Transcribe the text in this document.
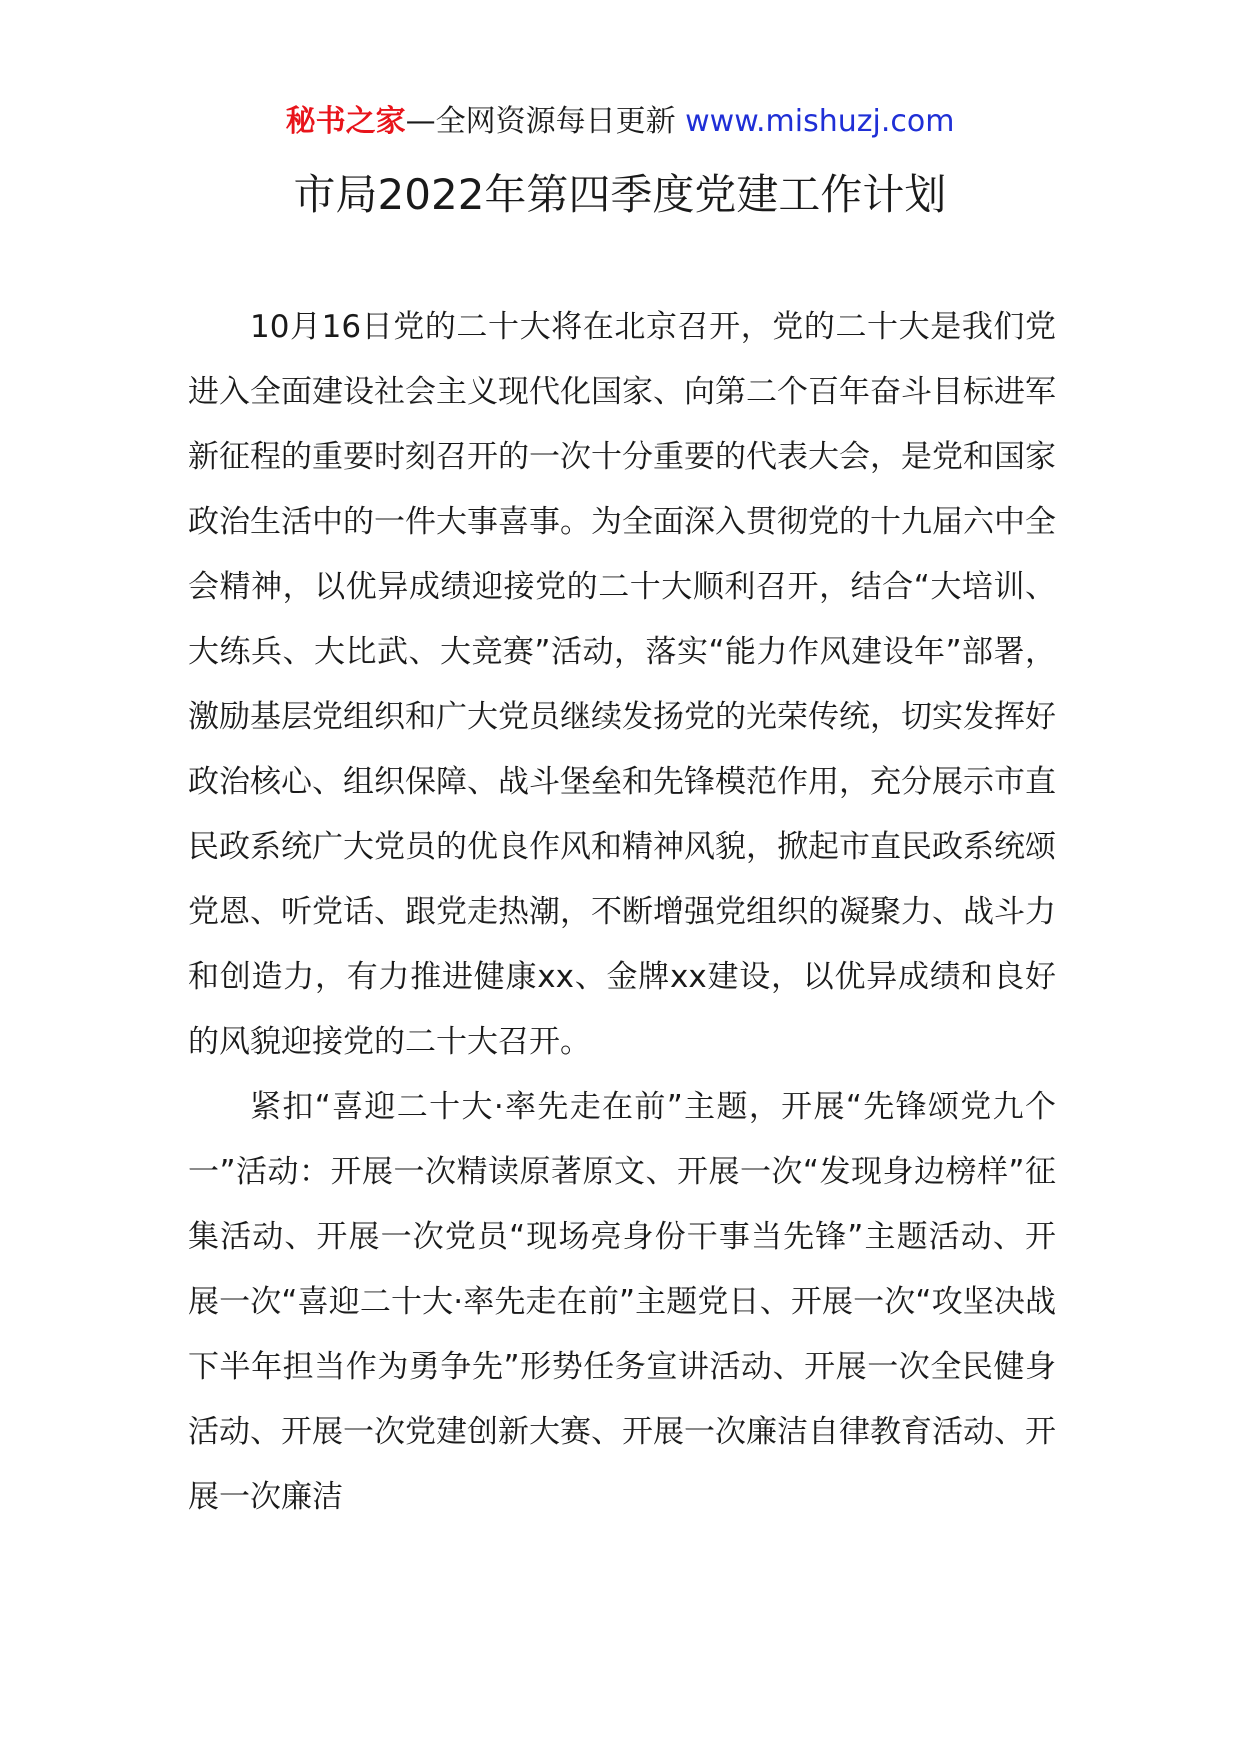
秘书之家—全网资源每日更新 www.mishuzj.com
市局2022年第四季度党建工作计划

10月16日党的二十大将在北京召开，党的二十大是我们党进入全面建设社会主义现代化国家、向第二个百年奋斗目标进军新征程的重要时刻召开的一次十分重要的代表大会，是党和国家政治生活中的一件大事喜事。为全面深入贯彻党的十九届六中全会精神，以优异成绩迎接党的二十大顺利召开，结合“大培训、大练兵、大比武、大竞赛”活动，落实“能力作风建设年”部署，激励基层党组织和广大党员继续发扬党的光荣传统，切实发挥好政治核心、组织保障、战斗堡垒和先锋模范作用，充分展示市直民政系统广大党员的优良作风和精神风貌，掀起市直民政系统颂党恩、听党话、跟党走热潮，不断增强党组织的凝聚力、战斗力和创造力，有力推进健康xx、金牌xx建设，以优异成绩和良好的风貌迎接党的二十大召开。

紧扣“喜迎二十大·率先走在前”主题，开展“先锋颂党九个一”活动：开展一次精读原著原文、开展一次“发现身边榜样”征集活动、开展一次党员“现场亮身份干事当先锋”主题活动、开展一次“喜迎二十大·率先走在前”主题党日、开展一次“攻坚决战下半年担当作为勇争先”形势任务宣讲活动、开展一次全民健身活动、开展一次党建创新大赛、开展一次廉洁自律教育活动、开展一次廉洁
